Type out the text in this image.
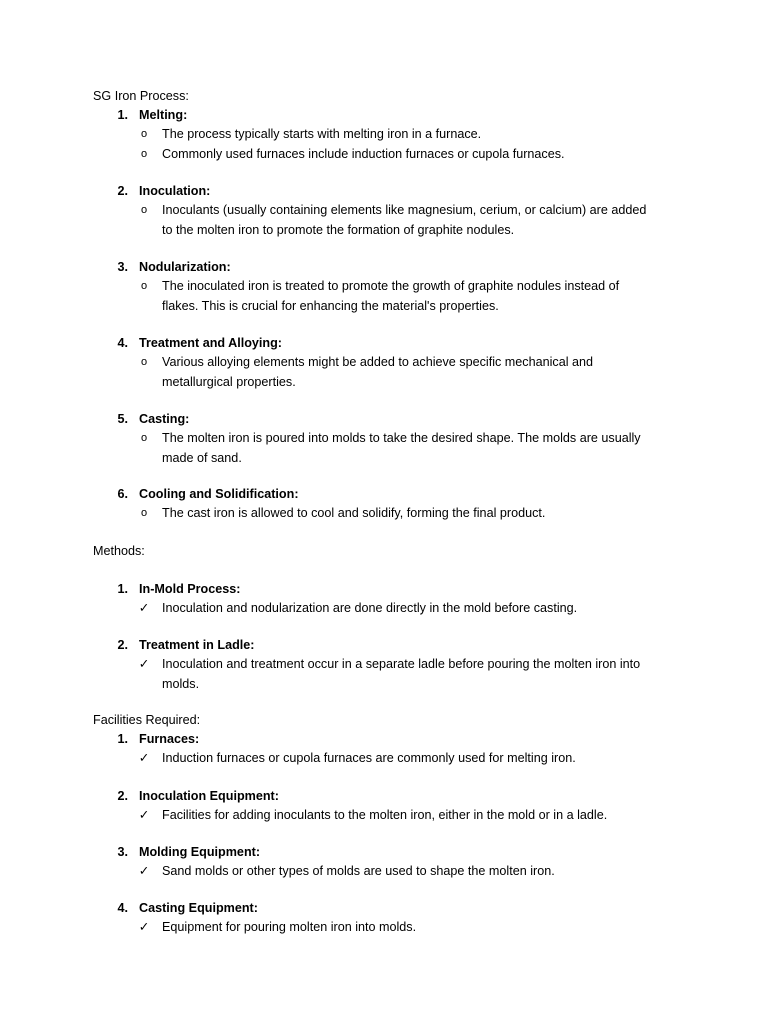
SG Iron Process:
1. Melting:
o The process typically starts with melting iron in a furnace.
o Commonly used furnaces include induction furnaces or cupola furnaces.
2. Inoculation:
o Inoculants (usually containing elements like magnesium, cerium, or calcium) are added
to the molten iron to promote the formation of graphite nodules.
3. Nodularization:
o The inoculated iron is treated to promote the growth of graphite nodules instead of
flakes. This is crucial for enhancing the material's properties.
4. Treatment and Alloying:
o Various alloying elements might be added to achieve specific mechanical and
metallurgical properties.
5. Casting:
o The molten iron is poured into molds to take the desired shape. The molds are usually
made of sand.
6. Cooling and Solidification:
o The cast iron is allowed to cool and solidify, forming the final product.
Methods:
1. In-Mold Process:
✓ Inoculation and nodularization are done directly in the mold before casting.
2. Treatment in Ladle:
✓ Inoculation and treatment occur in a separate ladle before pouring the molten iron into
molds.
Facilities Required:
1. Furnaces:
✓ Induction furnaces or cupola furnaces are commonly used for melting iron.
2. Inoculation Equipment:
✓ Facilities for adding inoculants to the molten iron, either in the mold or in a ladle.
3. Molding Equipment:
✓ Sand molds or other types of molds are used to shape the molten iron.
4. Casting Equipment:
✓ Equipment for pouring molten iron into molds.
